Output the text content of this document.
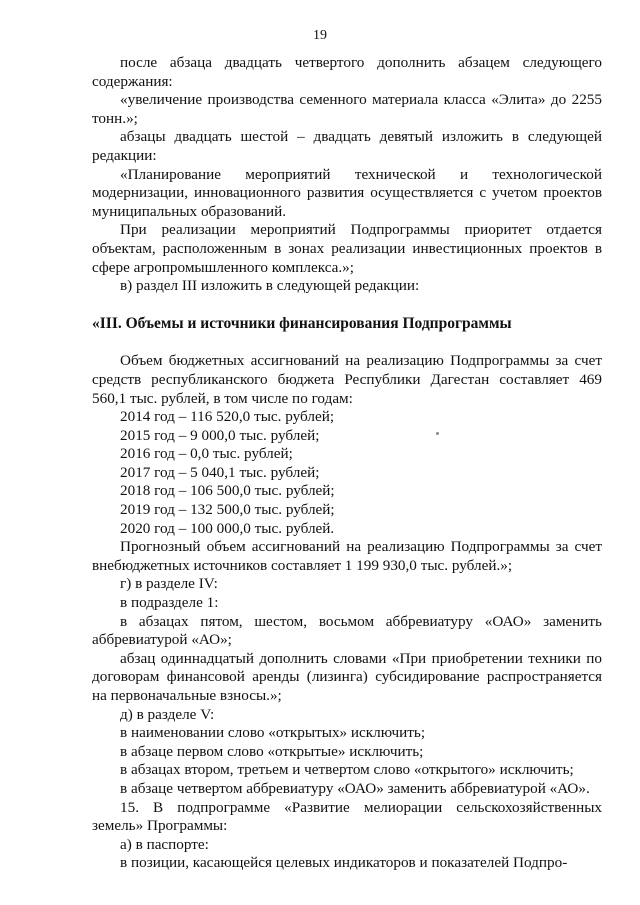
19

после абзаца двадцать четвертого дополнить абзацем следующего содержания:

«увеличение производства семенного материала класса «Элита» до 2255 тонн.»;

абзацы двадцать шестой – двадцать девятый изложить в следующей редакции:

«Планирование мероприятий технической и технологической модернизации, инновационного развития осуществляется с учетом проектов муниципальных образований.

При реализации мероприятий Подпрограммы приоритет отдается объектам, расположенным в зонах реализации инвестиционных проектов в сфере агропромышленного комплекса.»;

в) раздел III изложить в следующей редакции:

«III. Объемы и источники финансирования Подпрограммы

Объем бюджетных ассигнований на реализацию Подпрограммы за счет средств республиканского бюджета Республики Дагестан составляет 469 560,1 тыс. рублей, в том числе по годам:

2014 год – 116 520,0 тыс. рублей;

2015 год – 9 000,0 тыс. рублей;

2016 год – 0,0 тыс. рублей;

2017 год – 5 040,1 тыс. рублей;

2018 год – 106 500,0 тыс. рублей;

2019 год – 132 500,0 тыс. рублей;

2020 год – 100 000,0 тыс. рублей.

Прогнозный объем ассигнований на реализацию Подпрограммы за счет внебюджетных источников составляет 1 199 930,0 тыс. рублей.»;

г) в разделе IV:

в подразделе 1:

в абзацах пятом, шестом, восьмом аббревиатуру «ОАО» заменить аббревиатурой «АО»;

абзац одиннадцатый дополнить словами «При приобретении техники по договорам финансовой аренды (лизинга) субсидирование распространяется на первоначальные взносы.»;

д) в разделе V:

в наименовании слово «открытых» исключить;

в абзаце первом слово «открытые» исключить;

в абзацах втором, третьем и четвертом слово «открытого» исключить;

в абзаце четвертом аббревиатуру «ОАО» заменить аббревиатурой «АО».

15. В подпрограмме «Развитие мелиорации сельскохозяйственных земель» Программы:

а) в паспорте:

в позиции, касающейся целевых индикаторов и показателей Подпро-
